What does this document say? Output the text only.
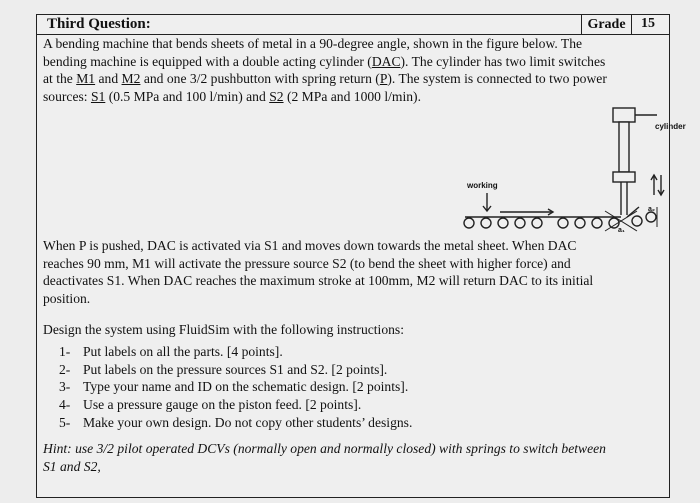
Third Question:	Grade	15
A bending machine that bends sheets of metal in a 90-degree angle, shown in the figure below. The
bending machine is equipped with a double acting cylinder (DAC). The cylinder has two limit switches
at the M1 and M2 and one 3/2 pushbutton with spring return (P). The system is connected to two power
sources: S1 (0.5 MPa and 100 l/min) and S2 (2 MPa and 1000 l/min).
cylinder
working
a₁
a₂
When P is pushed, DAC is activated via S1 and moves down towards the metal sheet. When DAC
reaches 90 mm, M1 will activate the pressure source S2 (to bend the sheet with higher force) and
deactivates S1. When DAC reaches the maximum stroke at 100mm, M2 will return DAC to its initial
position.
Design the system using FluidSim with the following instructions:
1- Put labels on all the parts. [4 points].
2- Put labels on the pressure sources S1 and S2. [2 points].
3- Type your name and ID on the schematic design. [2 points].
4- Use a pressure gauge on the piston feed. [2 points].
5- Make your own design. Do not copy other students’ designs.
Hint: use 3/2 pilot operated DCVs (normally open and normally closed) with springs to switch between
S1 and S2,
